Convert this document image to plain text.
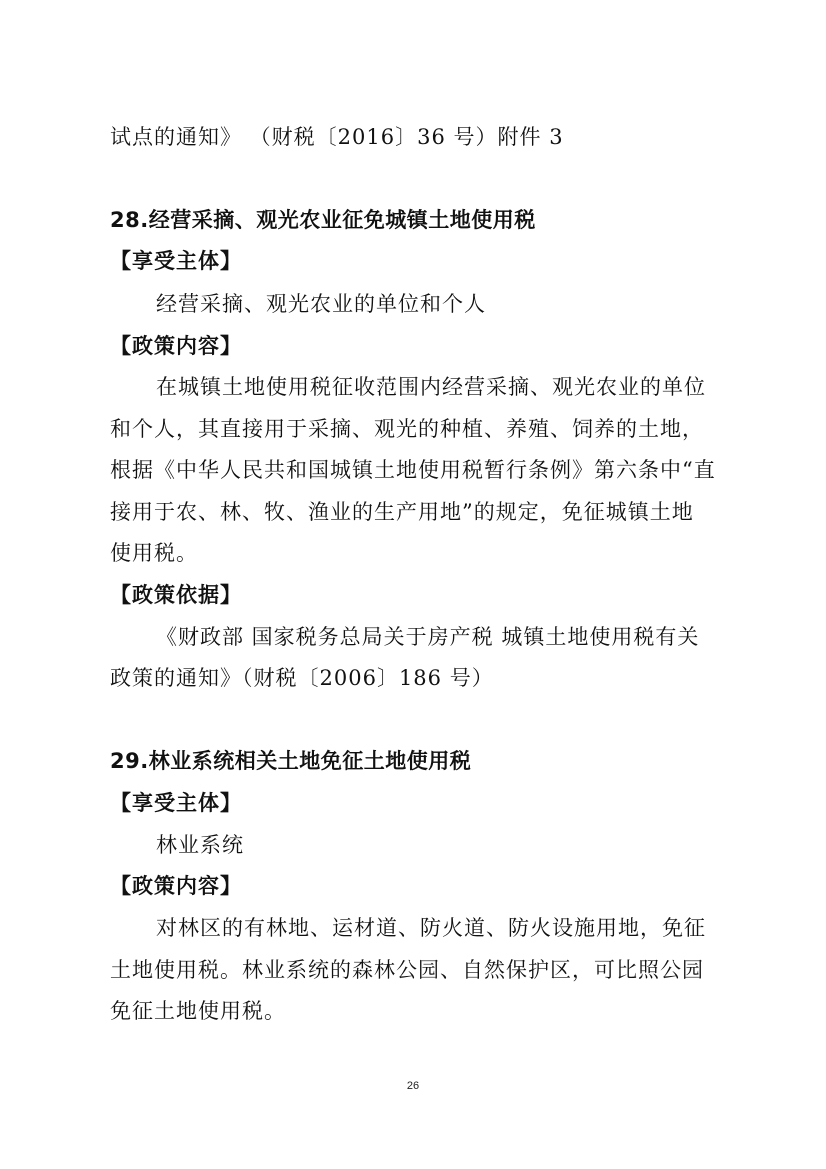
试点的通知》 （财税〔2016〕36 号）附件 3
28.经营采摘、观光农业征免城镇土地使用税
【享受主体】
经营采摘、观光农业的单位和个人
【政策内容】
在城镇土地使用税征收范围内经营采摘、观光农业的单位
和个人，其直接用于采摘、观光的种植、养殖、饲养的土地，
根据《中华人民共和国城镇土地使用税暂行条例》第六条中“直
接用于农、林、牧、渔业的生产用地”的规定，免征城镇土地
使用税。
【政策依据】
《财政部 国家税务总局关于房产税 城镇土地使用税有关
政策的通知》（财税〔2006〕186 号）
29.林业系统相关土地免征土地使用税
【享受主体】
林业系统
【政策内容】
对林区的有林地、运材道、防火道、防火设施用地，免征
土地使用税。林业系统的森林公园、自然保护区，可比照公园
免征土地使用税。
26
